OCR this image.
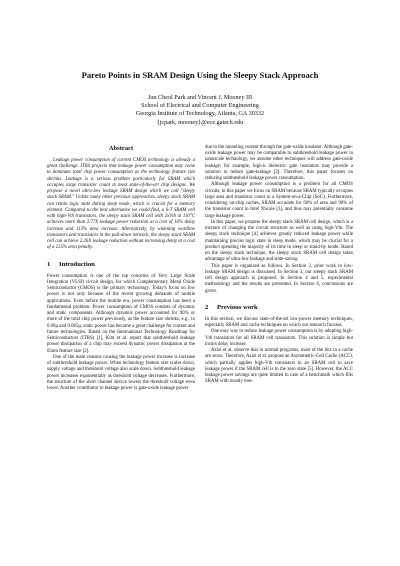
Pareto Points in SRAM Design Using the Sleepy Stack Approach
Jun Cheol Park and Vincent J. Mooney III
School of Electrical and Computer Engineering
Georgia Institute of Technology, Atlanta, GA 30332
{jcpark, mooney}@ece.gatech.edu
Abstract

Leakage power consumption of current CMOS technology is already a great challenge. ITRS projects that leakage power consumption may come to dominate total chip power consumption as the technology feature size shrinks. Leakage is a serious problem particularly for SRAM which occupies large transistor count in most state-of-the-art chip designs. We propose a novel ultra-low leakage SRAM design which we call "sleepy stack SRAM." Unlike many other previous approaches, sleepy stack SRAM can retain logic state during sleep mode, which is crucial for a memory element. Compared to the best alternative we could find, a 6-T SRAM cell with high-Vth transistors, the sleepy stack SRAM cell with 2xVth at 110°C achieves more than 2.77X leakage power reduction at a cost of 16% delay increase and 113% area increase. Alternatively, by widening wordline transistors and transistors in the pull-down network, the sleepy stack SRAM cell can achieve 2.26X leakage reduction without increasing delay at a cost of a 125% area penalty.

1 Introduction

Power consumption is one of the top concerns of Very Large Scale Integration (VLSI) circuit design, for which Complementary Metal Oxide Semiconductor (CMOS) is the primary technology. Today's focus on low power is not only because of the recent growing demands of mobile applications. Even before the mobile era, power consumption has been a fundamental problem. Power consumption of CMOS consists of dynamic and static components. Although dynamic power accounted for 90% or more of the total chip power previously, as the feature size shrinks, e.g., to 0.09μ and 0.065μ, static power has become a great challenge for current and future technologies. Based on the International Technology Roadmap for Semiconductors (ITRS) [1], Kim et al. report that subthreshold leakage power dissipation of a chip may exceed dynamic power dissipation at the 65nm feature size [2].

One of the main reasons causing the leakage power increase is increase of subthreshold leakage power. When technology feature size scales down, supply voltage and threshold voltage also scale down. Subthreshold leakage power increases exponentially as threshold voltage decreases. Furthermore, the structure of the short channel device lowers the threshold voltage even lower. Another contributor to leakage power is gate-oxide leakage power

due to the tunneling current through the gate-oxide insulator. Although gate-oxide leakage power may be comparable to subthreshold leakage power in nanoscale technology, we assume other techniques will address gate-oxide leakage; for example, high-k dielectric gate insulators may provide a solution to reduce gate-leakage [2]. Therefore, this paper focuses on reducing subthreshold leakage power consumption.

Although leakage power consumption is a problem for all CMOS circuits, in this paper we focus on SRAM because SRAM typically occupies large area and transistor count in a System-on-a-Chip (SoC). Furthermore, considering on-chip caches, SRAM accounts for 60% of area and 90% of the transistor count in Intel XScale [3], and thus may potentially consume large leakage power.

In this paper, we propose the sleepy stack SRAM cell design, which is a mixture of changing the circuit structure as well as using high-Vth. The sleepy stack technique [4] achieves greatly reduced leakage power while maintaining precise logic state in sleep mode, which may be crucial for a product spending the majority of its time in sleep or stand-by mode. Based on the sleepy stack technique, the sleepy stack SRAM cell design takes advantage of ultra-low leakage and state-saving.

This paper is organized as follows. In Section 2, prior work in low-leakage SRAM design is discussed. In Section 3, our sleepy stack SRAM cell design approach is proposed. In Section 4 and 5, experimental methodology and the results are presented. In Section 6, conclusions are given.

2 Previous work

In this section, we discuss state-of-the-art low-power memory techniques, especially SRAM and cache techniques on which our research focuses.

One easy way to reduce leakage power consumption is by adopting high-Vth transistors for all SRAM cell transistors. This solution is simple but incurs delay increase.

Azizi et al. observe that in normal programs, most of the bits in a cache are zeros. Therefore, Azizi et al. propose an Asymmetric-Cell Cache (ACC), which partially applies high-Vth transistors in an SRAM cell to save leakage power if the SRAM cell is in the zero state [5]. However, the ACC leakage power savings are quite limited in case of a benchmark which fills SRAM with mostly non-
